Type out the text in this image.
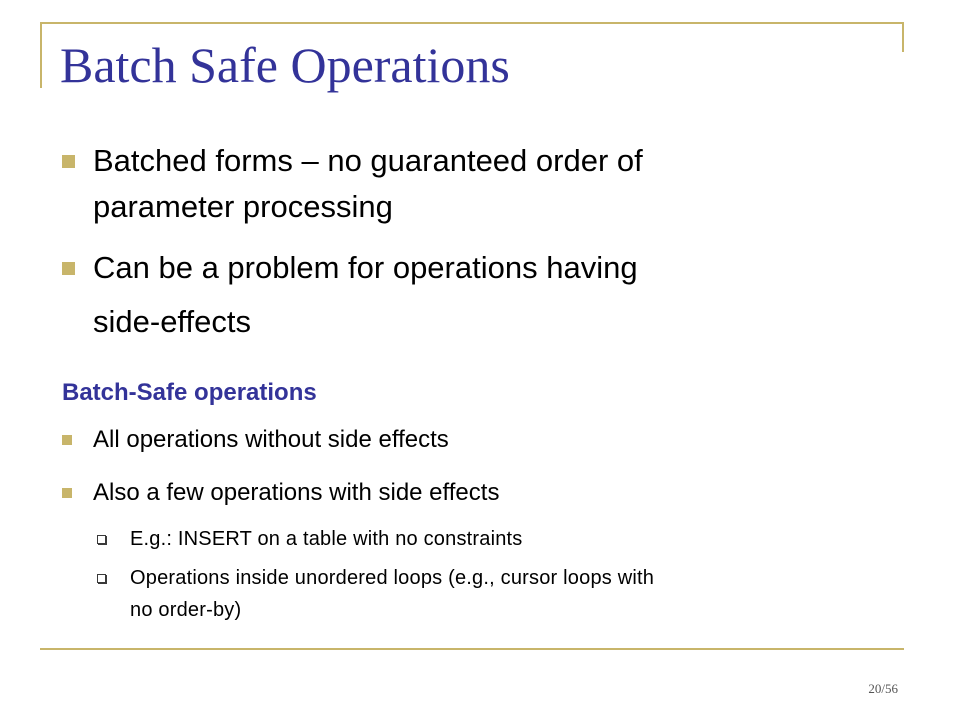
Batch Safe Operations

Batched forms – no guaranteed order of

parameter processing

Can be a problem for operations having

side-effects

Batch-Safe operations

All operations without side effects

Also a few operations with side effects

E.g.: INSERT on a table with no constraints

Operations inside unordered loops (e.g., cursor loops with

no order-by)

20/56
